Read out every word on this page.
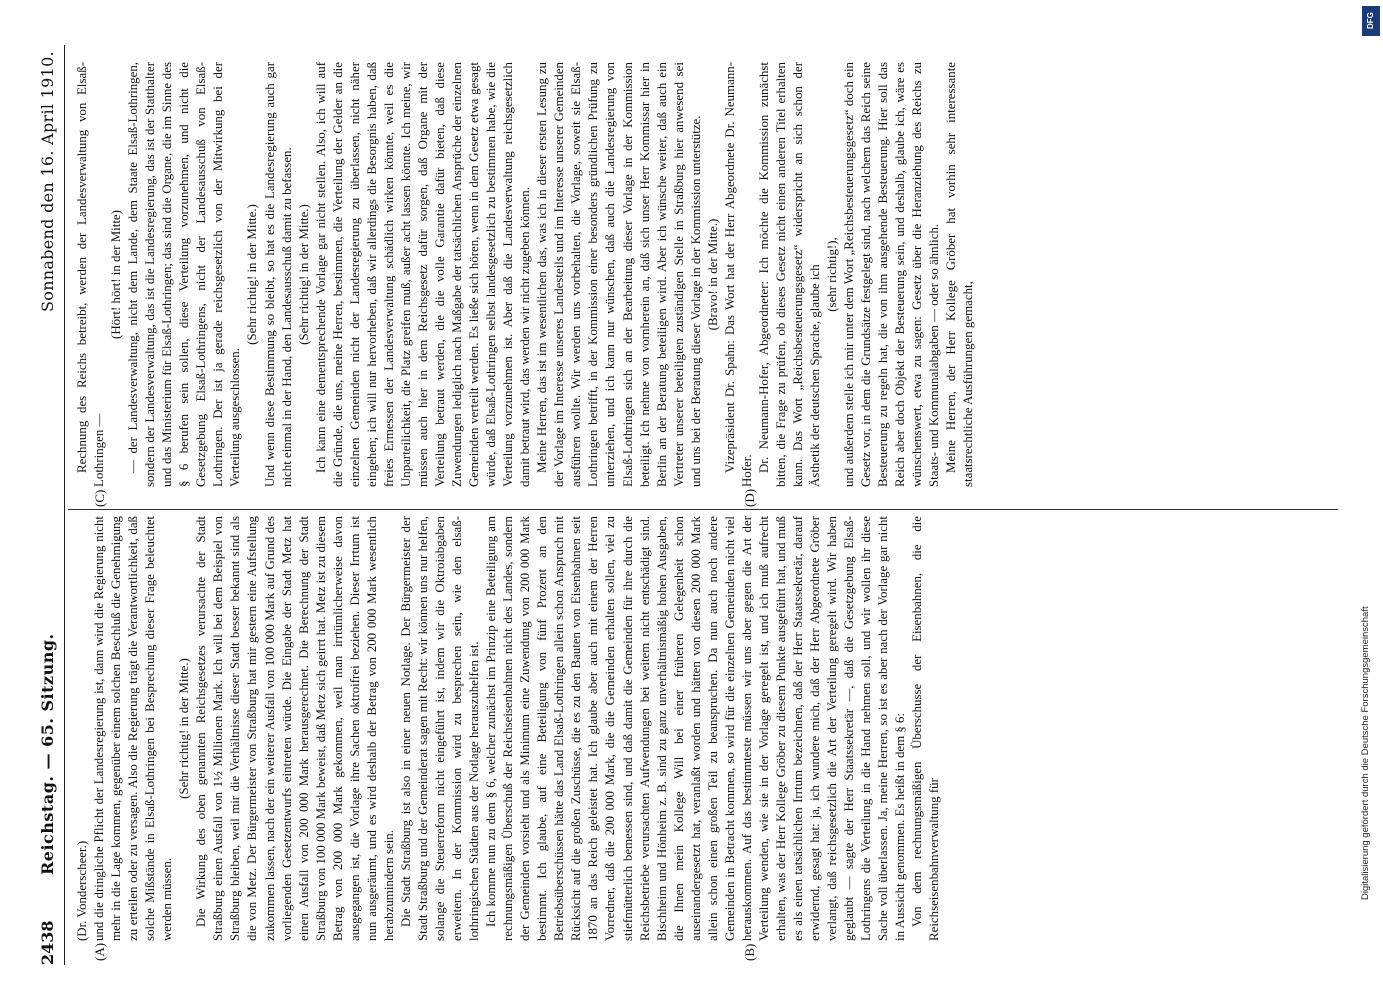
2438
Reichstag. — 65. Sitzung.
Sonnabend den 16. April 1910.
(A)	(B)
(C)	(D)

(Dr. Vonderscheer.) und die dringliche Pflicht der Landesregierung ist, dann wird die Regierung nicht mehr in die Lage kommen, gegenüber einem solchen Beschluß die Genehmigung zu erteilen oder zu versagen. Also die Regierung trägt die Verantwortlichkeit, daß solche Mißstände in Elsaß-Lothringen bei Besprechung dieser Frage beleuchtet werden müssen.

(Sehr richtig! in der Mitte.) Die Wirkung des oben genannten Reichsgesetzes verursachte der Stadt Straßburg einen Ausfall von 1½ Millionen Mark. Ich will bei dem Beispiel von Straßburg bleiben, weil mir die Verhältnisse dieser Stadt besser bekannt sind als die von Metz. Der Bürgermeister von Straßburg hat mir gestern eine Aufstellung zukommen lassen, nach der ein weiterer Ausfall von 100 000 Mark auf Grund des vorliegenden Gesetzentwurfs eintreten würde. Die Eingabe der Stadt Metz hat einen Ausfall von 200 000 Mark herausgerechnet. Die Berechnung der Stadt Straßburg von 100 000 Mark beweist, daß Metz sich geirrt hat. Metz ist zu diesem Betrag von 200 000 Mark gekommen, weil man irrtümlicherweise davon ausgegangen ist, die Vorlage ihre Sachen oktroifrei beziehen. Dieser Irrtum ist nun ausgeräumt, und es wird deshalb der Betrag von 200 000 Mark wesentlich herabzumindern sein. Die Stadt Straßburg ist also in einer neuen Notlage. Der Bürgermeister der Stadt Straßburg und der Gemeinderat sagen mit Recht: wir können uns nur helfen, solange die Steuerreform nicht eingeführt ist, indem wir die Oktroiabgaben erweitern. In der Kommission wird zu besprechen sein, wie den elsaß-lothringischen Städten aus der Notlage herauszuhelfen ist. Ich komme nun zu dem § 6, welcher zunächst im Prinzip eine Beteiligung am rechnungsmäßigen Überschuß der Reichseisenbahnen nicht des Landes, sondern der Gemeinden vorsieht und als Minimum eine Zuwendung von 200 000 Mark bestimmt. Ich glaube, auf eine Beteiligung von fünf Prozent an den Betriebsüberschüssen hätte das Land Elsaß-Lothringen allein schon Anspruch mit Rücksicht auf die großen Zuschüsse, die es zu den Bauten von Eisenbahnen seit 1870 an das Reich geleistet hat. Ich glaube aber auch mit einem der Herren Vorredner, daß die 200 000 Mark, die die Gemeinden erhalten sollen, viel zu stiefmütterlich bemessen sind, und daß damit die Gemeinden für ihre durch die Reichsbetriebe verursachten Aufwendungen bei weitem nicht entschädigt sind. Bischheim und Hönheim z. B. sind zu ganz unverhältnismäßig hohen Ausgaben, die Ihnen mein Kollege Will bei einer früheren Gelegenheit schon auseinandergesetzt hat, veranlaßt worden und hätten von diesen 200 000 Mark allein schon einen großen Teil zu beanspruchen. Da nun auch noch andere Gemeinden in Betracht kommen, so wird für die einzelnen Gemeinden nicht viel herauskommen. Auf das bestimmteste müssen wir uns aber gegen die Art der Verteilung wenden, wie sie in der Vorlage geregelt ist, und ich muß aufrecht erhalten, was der Herr Kollege Gröber zu diesem Punkte ausgeführt hat, und muß es als einen tatsächlichen Irrtum bezeichnen, daß der Herr Staatssekretär, darauf erwidernd, gesagt hat: ja, ich wundere mich, daß der Herr Abgeordnete Gröber verlangt, daß reichsgesetzlich die Art der Verteilung geregelt wird. Wir haben geglaubt — sagte der Herr Staatssekretär —, daß die Gesetzgebung Elsaß-Lothringens die Verteilung in die Hand nehmen soll, und wir wollen ihr diese Sache voll überlassen. Ja, meine Herren, so ist es aber nach der Vorlage gar nicht in Aussicht genommen. Es heißt in dem § 6: Von dem rechnungsmäßigen Überschusse der Eisenbahnen, die die Reichseisenbahnverwaltung für

Rechnung des Reichs betreibt, werden der Landesverwaltung von Elsaß-Lothringen —

(Hört! hört! in der Mitte) — der Landesverwaltung, nicht dem Lande, dem Staate Elsaß-Lothringen, sondern der Landesverwaltung, das ist die Landesregierung, das ist der Statthalter und das Ministerium für Elsaß-Lothringen; das sind die Organe, die im Sinne des § 6 berufen sein sollen, diese Verteilung vorzunehmen, und nicht die Gesetzgebung Elsaß-Lothringens, nicht der Landesausschuß von Elsaß-Lothringen. Der ist ja gerade reichsgesetzlich von der Mitwirkung bei der Verteilung ausgeschlossen.

(Sehr richtig! in der Mitte.) Und wenn diese Bestimmung so bleibt, so hat es die Landesregierung auch gar nicht einmal in der Hand, den Landesausschuß damit zu befassen. (Sehr richtig! in der Mitte.) Ich kann eine dementsprechende Vorlage gar nicht stellen. Also, ich will auf die Gründe, die uns, meine Herren, bestimmen, die Verteilung der Gelder an die einzelnen Gemeinden nicht der Landesregierung zu überlassen, nicht näher eingehen; ich will nur hervorheben, daß wir allerdings die Besorgnis haben, daß freies Ermessen der Landesverwaltung schädlich wirken könnte, weil es die Unparteilichkeit, die Platz greifen muß, außer acht lassen könnte. Ich meine, wir müssen auch hier in dem Reichsgesetz dafür sorgen, daß Organe mit der Verteilung betraut werden, die die volle Garantie dafür bieten, daß diese Zuwendungen lediglich nach Maßgabe der tatsächlichen Ansprüche der einzelnen Gemeinden verteilt werden. Es ließe sich hören, wenn in dem Gesetz etwa gesagt würde, daß Elsaß-Lothringen selbst landesgesetzlich zu bestimmen habe, wie die Verteilung vorzunehmen ist. Aber daß die Landesverwaltung reichsgesetzlich damit betraut wird, das werden wir nicht zugeben können. Meine Herren, das ist im wesentlichen das, was ich in dieser ersten Lesung zu der Vorlage im Interesse unseres Landesteils und im Interesse unserer Gemeinden ausführen wollte. Wir werden uns vorbehalten, die Vorlage, soweit sie Elsaß-Lothringen betrifft, in der Kommission einer besonders gründlichen Prüfung zu unterziehen, und ich kann nur wünschen, daß auch die Landesregierung von Elsaß-Lothringen sich an der Bearbeitung dieser Vorlage in der Kommission beteiligt. Ich nehme von vornherein an, daß sich unser Herr Kommissar hier in Berlin an der Beratung beteiligen wird. Aber ich wünsche weiter, daß auch ein Vertreter unserer beteiligten zuständigen Stelle in Straßburg hier anwesend sei und uns bei der Beratung dieser Vorlage in der Kommission unterstütze. (Bravo! in der Mitte.) Vizepräsident Dr. Spahn: Das Wort hat der Herr Abgeordnete Dr. Neumann-Hofer. Dr. Neumann-Hofer, Abgeordneter: Ich möchte die Kommission zunächst bitten, die Frage zu prüfen, ob dieses Gesetz nicht einen anderen Titel erhalten kann. Das Wort „Reichsbesteuerungsgesetz“ widerspricht an sich schon der Ästhetik der deutschen Sprache, glaube ich (sehr richtig!), und außerdem stelle ich mir unter dem Wort „Reichsbesteuerungsgesetz“ doch ein Gesetz vor, in dem die Grundsätze festgelegt sind, nach welchem das Reich seine Besteuerung zu regeln hat, die von ihm ausgehende Besteuerung. Hier soll das Reich aber doch Objekt der Besteuerung sein, und deshalb, glaube ich, wäre es wünschenswert, etwa zu sagen: Gesetz über die Heranziehung des Reichs zu Staats- und Kommunalabgaben — oder so ähnlich. Meine Herren, der Herr Kollege Gröber hat vorhin sehr interessante staatsrechtliche Ausführungen gemacht,

DFG
Digitalisierung gefördert durch die Deutsche Forschungsgemeinschaft
